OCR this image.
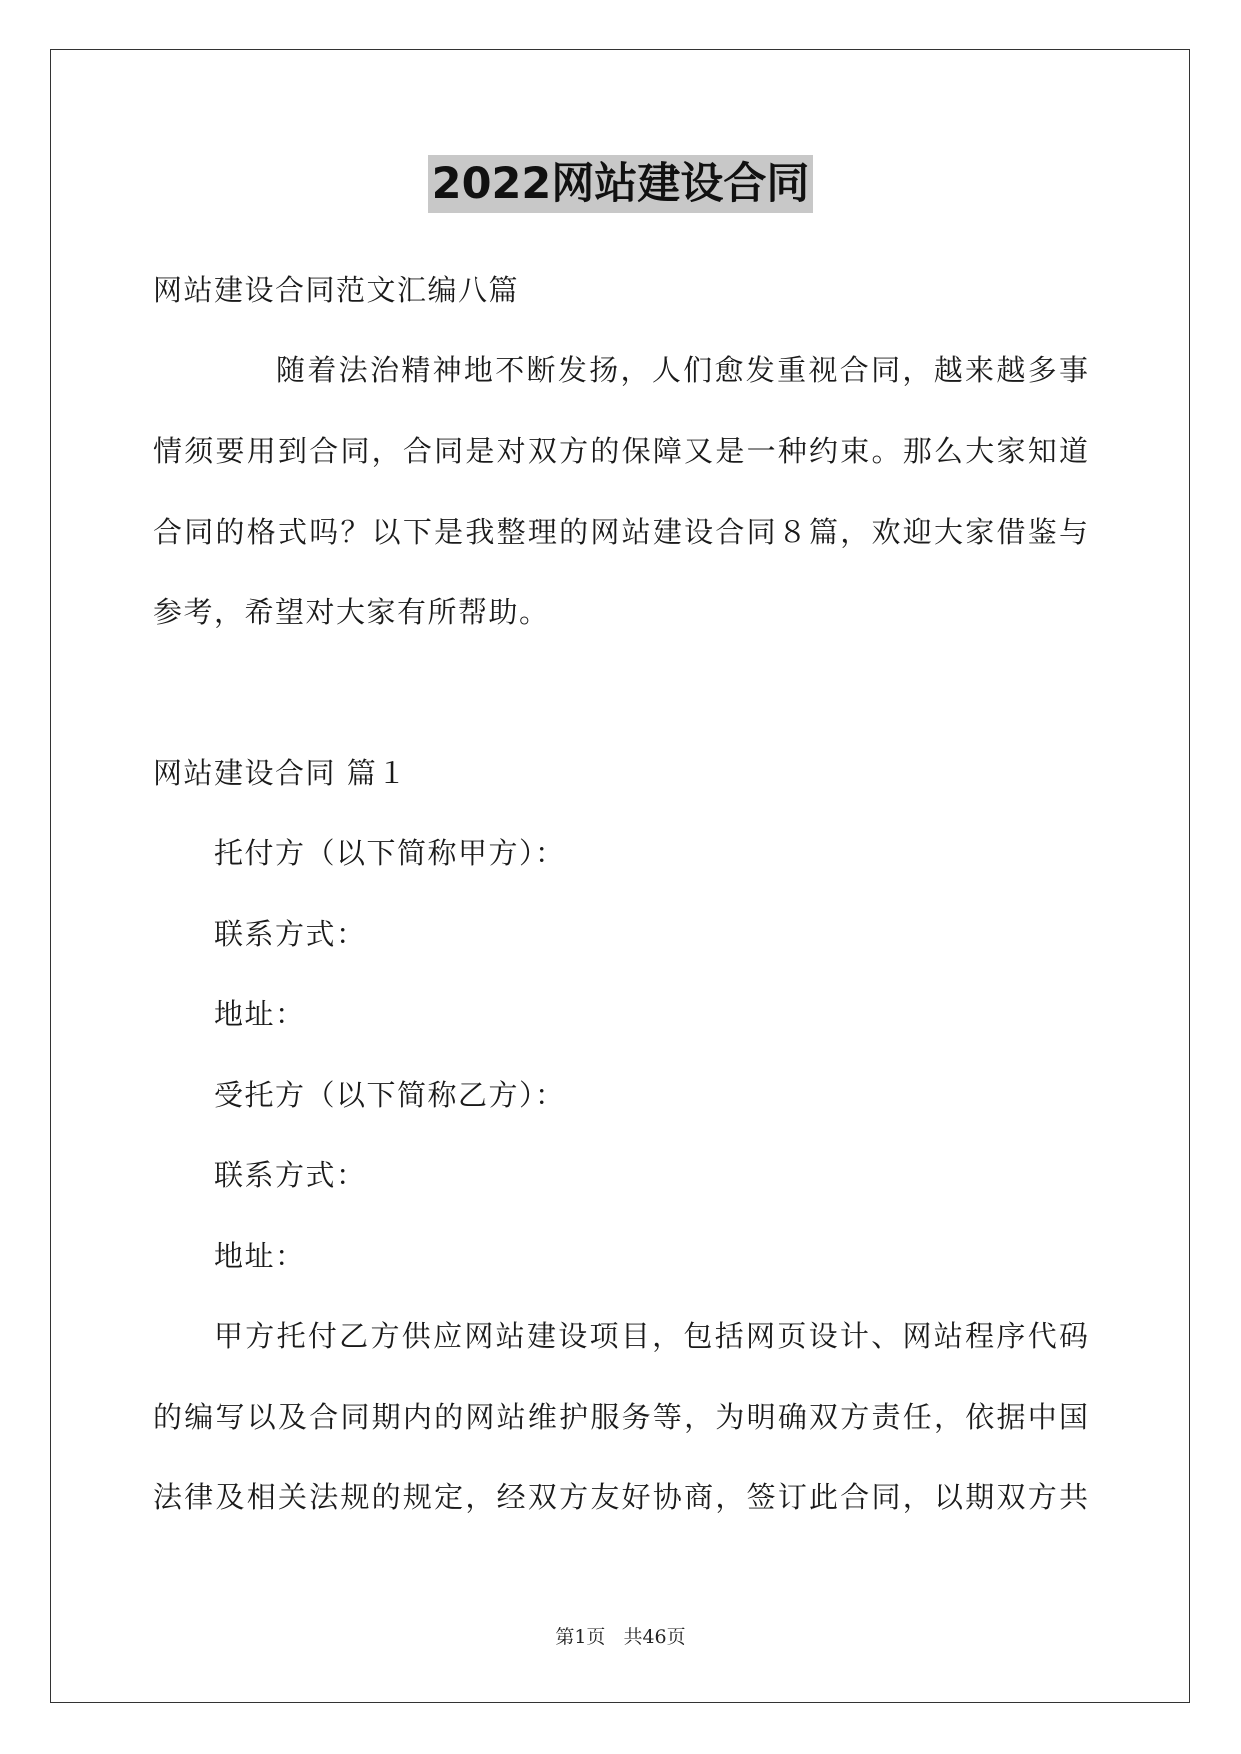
2022网站建设合同
网站建设合同范文汇编八篇
随着法治精神地不断发扬，人们愈发重视合同，越来越多事
情须要用到合同，合同是对双方的保障又是一种约束。那么大家知道
合同的格式吗？以下是我整理的网站建设合同８篇，欢迎大家借鉴与
参考，希望对大家有所帮助。
网站建设合同 篇１
托付方（以下简称甲方）：
联系方式：
地址：
受托方（以下简称乙方）：
联系方式：
地址：
甲方托付乙方供应网站建设项目，包括网页设计、网站程序代码
的编写以及合同期内的网站维护服务等，为明确双方责任，依据中国
法律及相关法规的规定，经双方友好协商，签订此合同，以期双方共
第1页 共46页
